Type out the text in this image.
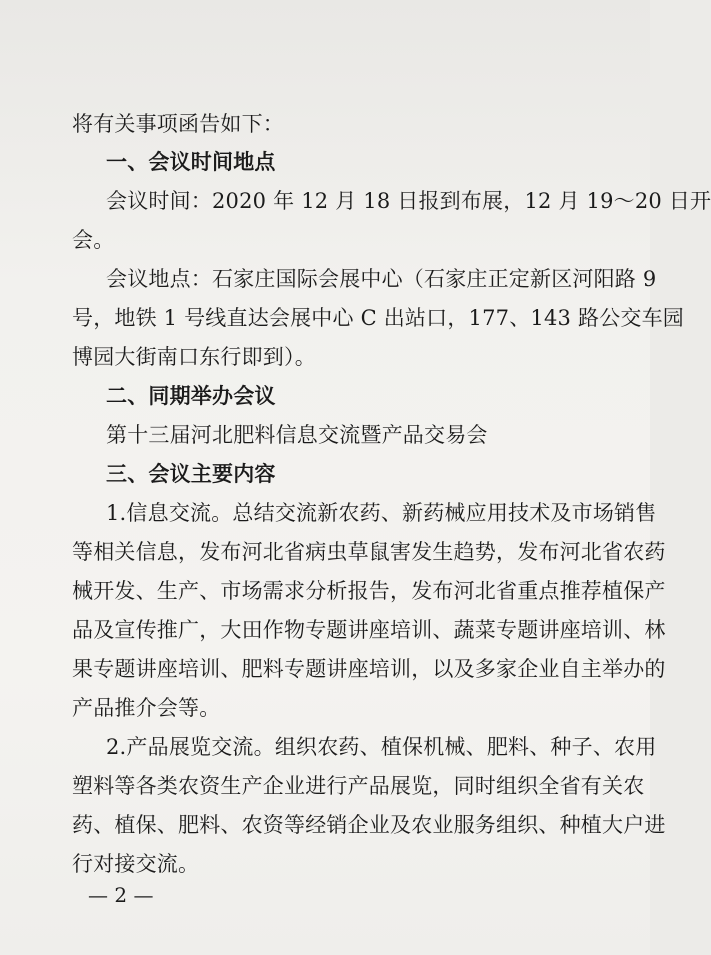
将有关事项函告如下：
一、会议时间地点
会议时间：2020 年 12 月 18 日报到布展，12 月 19～20 日开
会。
会议地点：石家庄国际会展中心（石家庄正定新区河阳路 9
号，地铁 1 号线直达会展中心 C 出站口，177、143 路公交车园
博园大街南口东行即到）。
二、同期举办会议
第十三届河北肥料信息交流暨产品交易会
三、会议主要内容
1.信息交流。总结交流新农药、新药械应用技术及市场销售
等相关信息，发布河北省病虫草鼠害发生趋势，发布河北省农药
械开发、生产、市场需求分析报告，发布河北省重点推荐植保产
品及宣传推广，大田作物专题讲座培训、蔬菜专题讲座培训、林
果专题讲座培训、肥料专题讲座培训，以及多家企业自主举办的
产品推介会等。
2.产品展览交流。组织农药、植保机械、肥料、种子、农用
塑料等各类农资生产企业进行产品展览，同时组织全省有关农
药、植保、肥料、农资等经销企业及农业服务组织、种植大户进
行对接交流。
— 2 —
